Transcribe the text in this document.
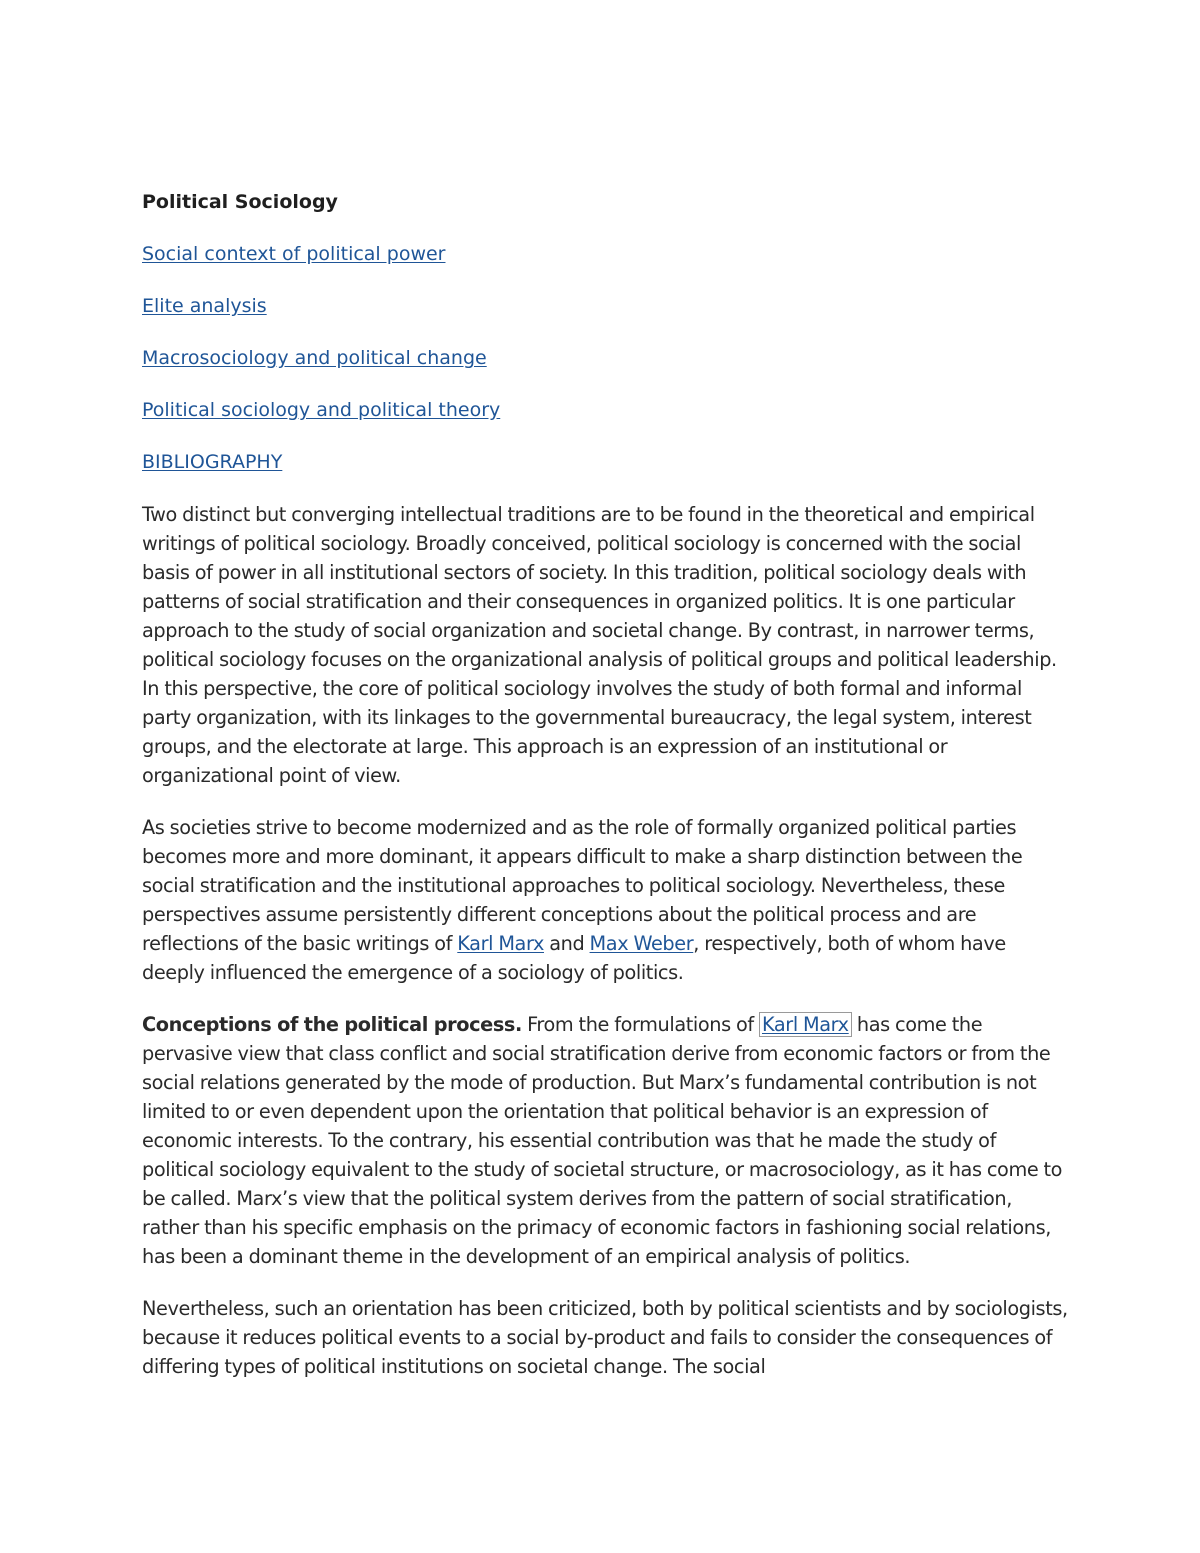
Political Sociology
Social context of political power
Elite analysis
Macrosociology and political change
Political sociology and political theory
BIBLIOGRAPHY

Two distinct but converging intellectual traditions are to be found in the theoretical and empirical writings of political sociology. Broadly conceived, political sociology is concerned with the social basis of power in all institutional sectors of society. In this tradition, political sociology deals with patterns of social stratification and their consequences in organized politics. It is one particular approach to the study of social organization and societal change. By contrast, in narrower terms, political sociology focuses on the organizational analysis of political groups and political leadership. In this perspective, the core of political sociology involves the study of both formal and informal party organization, with its linkages to the governmental bureaucracy, the legal system, interest groups, and the electorate at large. This approach is an expression of an institutional or organizational point of view.

As societies strive to become modernized and as the role of formally organized political parties becomes more and more dominant, it appears difficult to make a sharp distinction between the social stratification and the institutional approaches to political sociology. Nevertheless, these perspectives assume persistently different conceptions about the political process and are reflections of the basic writings of Karl Marx and Max Weber, respectively, both of whom have deeply influenced the emergence of a sociology of politics.

Conceptions of the political process. From the formulations of Karl Marx has come the pervasive view that class conflict and social stratification derive from economic factors or from the social relations generated by the mode of production. But Marx’s fundamental contribution is not limited to or even dependent upon the orientation that political behavior is an expression of economic interests. To the contrary, his essential contribution was that he made the study of political sociology equivalent to the study of societal structure, or macrosociology, as it has come to be called. Marx’s view that the political system derives from the pattern of social stratification, rather than his specific emphasis on the primacy of economic factors in fashioning social relations, has been a dominant theme in the development of an empirical analysis of politics.

Nevertheless, such an orientation has been criticized, both by political scientists and by sociologists, because it reduces political events to a social by-product and fails to consider the consequences of differing types of political institutions on societal change. The social
